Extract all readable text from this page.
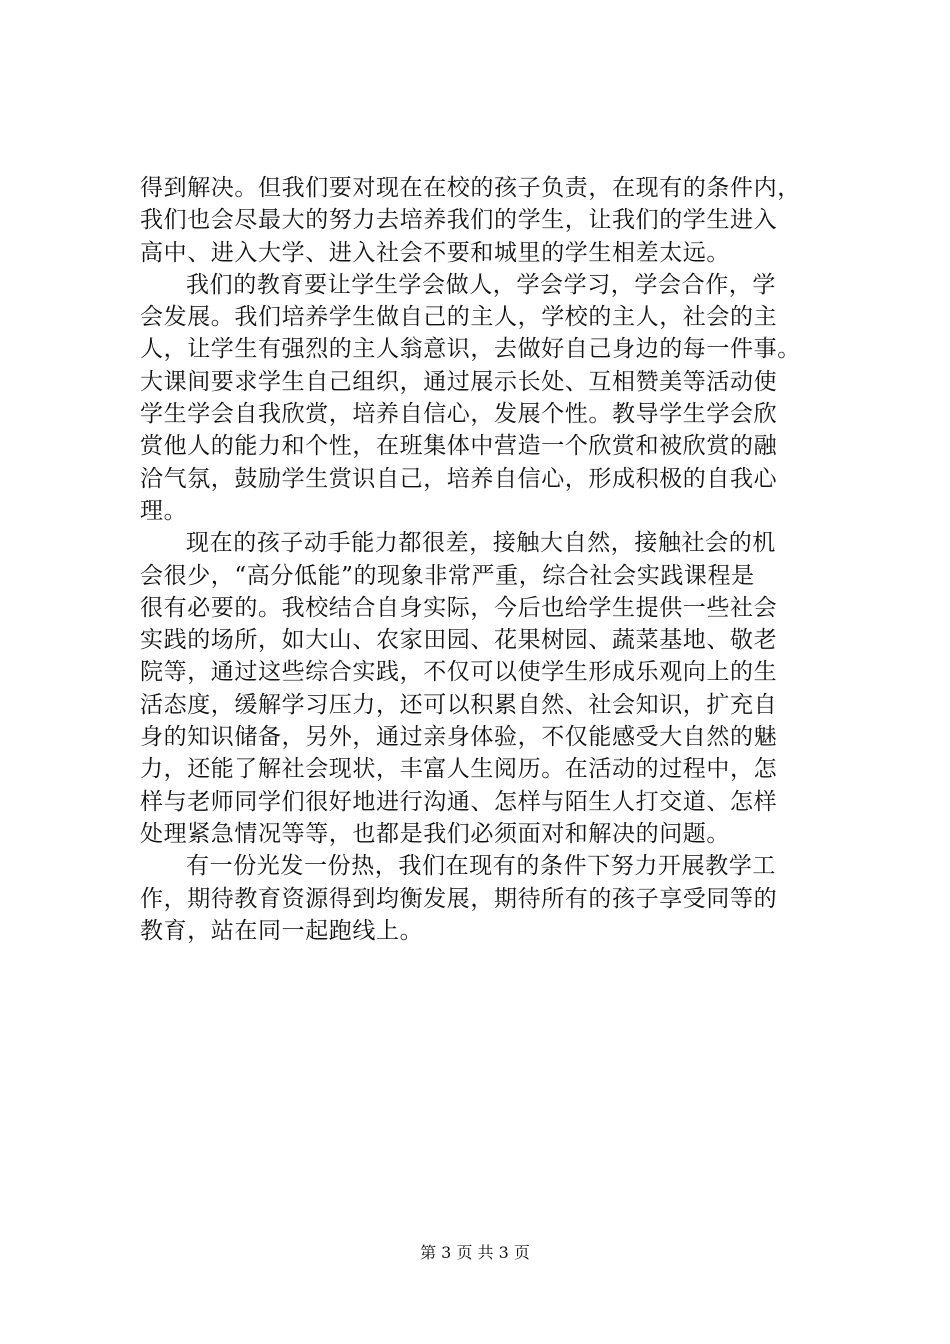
得到解决。但我们要对现在在校的孩子负责，在现有的条件内，
我们也会尽最大的努力去培养我们的学生，让我们的学生进入
高中、进入大学、进入社会不要和城里的学生相差太远。
我们的教育要让学生学会做人，学会学习，学会合作，学
会发展。我们培养学生做自己的主人，学校的主人，社会的主
人，让学生有强烈的主人翁意识，去做好自己身边的每一件事。
大课间要求学生自己组织，通过展示长处、互相赞美等活动使
学生学会自我欣赏，培养自信心，发展个性。教导学生学会欣
赏他人的能力和个性，在班集体中营造一个欣赏和被欣赏的融
洽气氛，鼓励学生赏识自己，培养自信心，形成积极的自我心
理。
现在的孩子动手能力都很差，接触大自然，接触社会的机
会很少，“高分低能”的现象非常严重，综合社会实践课程是
很有必要的。我校结合自身实际，今后也给学生提供一些社会
实践的场所，如大山、农家田园、花果树园、蔬菜基地、敬老
院等，通过这些综合实践，不仅可以使学生形成乐观向上的生
活态度，缓解学习压力，还可以积累自然、社会知识，扩充自
身的知识储备，另外，通过亲身体验，不仅能感受大自然的魅
力，还能了解社会现状，丰富人生阅历。在活动的过程中，怎
样与老师同学们很好地进行沟通、怎样与陌生人打交道、怎样
处理紧急情况等等，也都是我们必须面对和解决的问题。
有一份光发一份热，我们在现有的条件下努力开展教学工
作，期待教育资源得到均衡发展，期待所有的孩子享受同等的
教育，站在同一起跑线上。
第 3 页 共 3 页
